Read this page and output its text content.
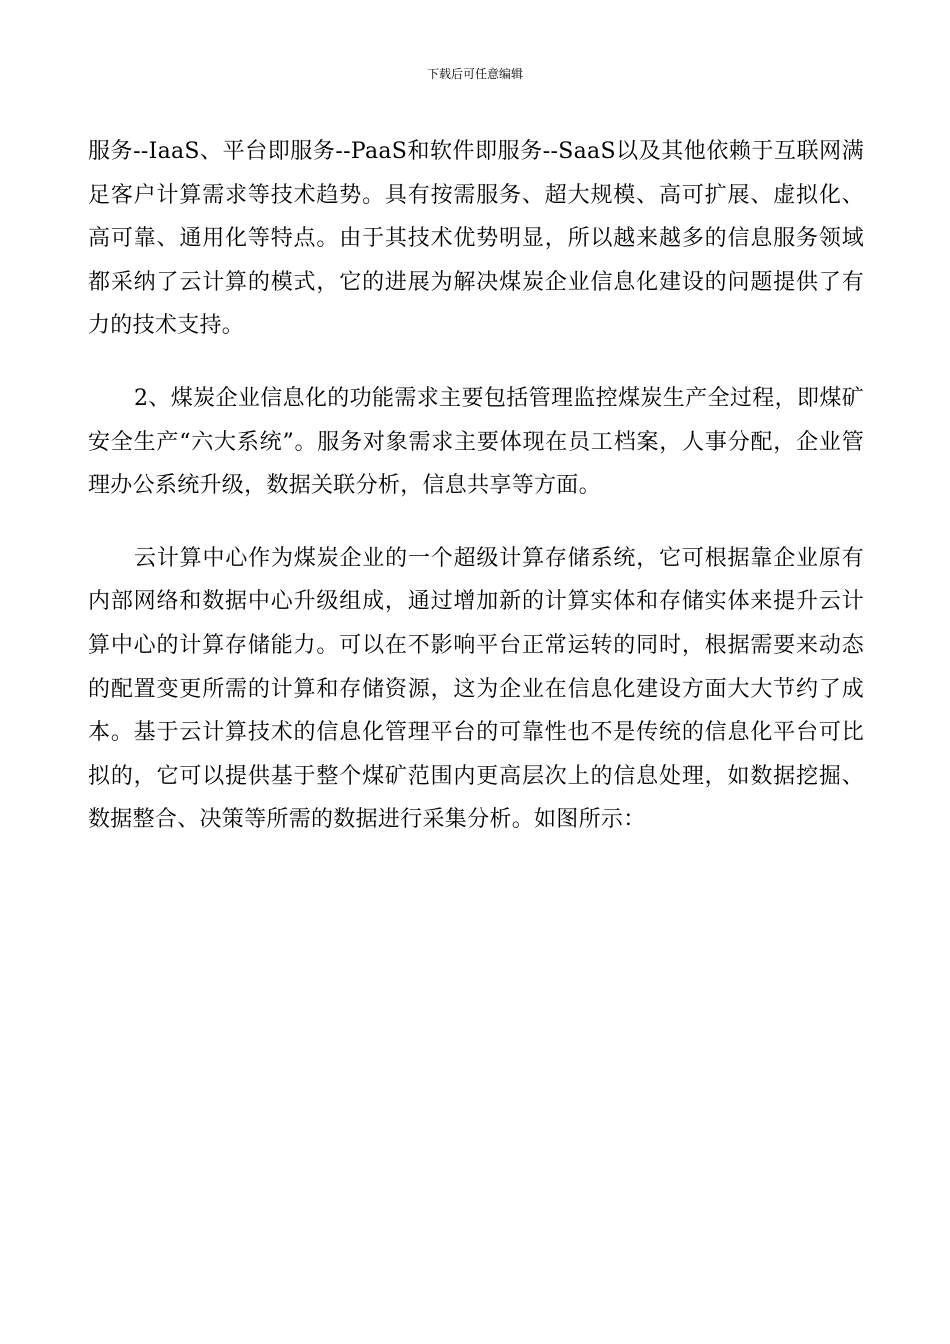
下载后可任意编辑

服务--IaaS、平台即服务--PaaS和软件即服务--SaaS以及其他依赖于互联网满足客户计算需求等技术趋势。具有按需服务、超大规模、高可扩展、虚拟化、高可靠、通用化等特点。由于其技术优势明显，所以越来越多的信息服务领域都采纳了云计算的模式，它的进展为解决煤炭企业信息化建设的问题提供了有力的技术支持。

2、煤炭企业信息化的功能需求主要包括管理监控煤炭生产全过程，即煤矿安全生产“六大系统”。服务对象需求主要体现在员工档案，人事分配，企业管理办公系统升级，数据关联分析，信息共享等方面。

云计算中心作为煤炭企业的一个超级计算存储系统，它可根据靠企业原有内部网络和数据中心升级组成，通过增加新的计算实体和存储实体来提升云计算中心的计算存储能力。可以在不影响平台正常运转的同时，根据需要来动态的配置变更所需的计算和存储资源，这为企业在信息化建设方面大大节约了成本。基于云计算技术的信息化管理平台的可靠性也不是传统的信息化平台可比拟的，它可以提供基于整个煤矿范围内更高层次上的信息处理，如数据挖掘、数据整合、决策等所需的数据进行采集分析。如图所示：
